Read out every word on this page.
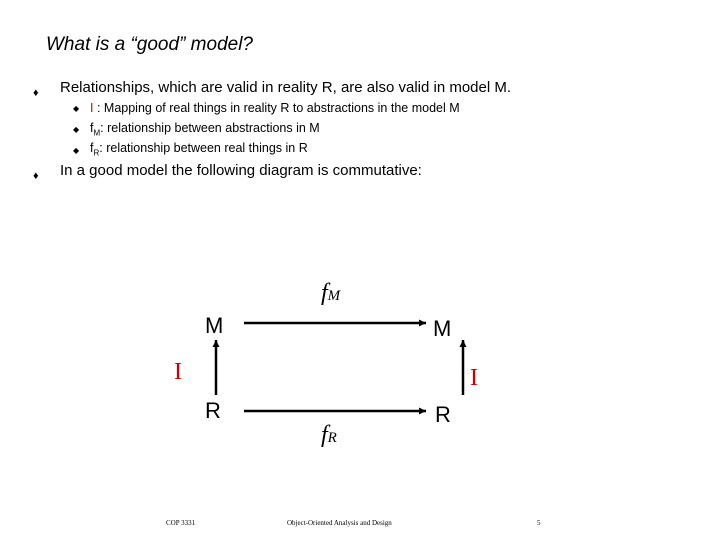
What is a “good” model?
♦ Relationships, which are valid in reality R, are also valid in model M.
◆ I : Mapping of real things in reality R to abstractions in the model M
◆ $f_M$: relationship between abstractions in M
◆ $f_R$: relationship between real things in R
♦ In a good model the following diagram is commutative:
M	M
R	R
I	I
fM
fR
COP 3331	Object-Oriented Analysis and Design	5
